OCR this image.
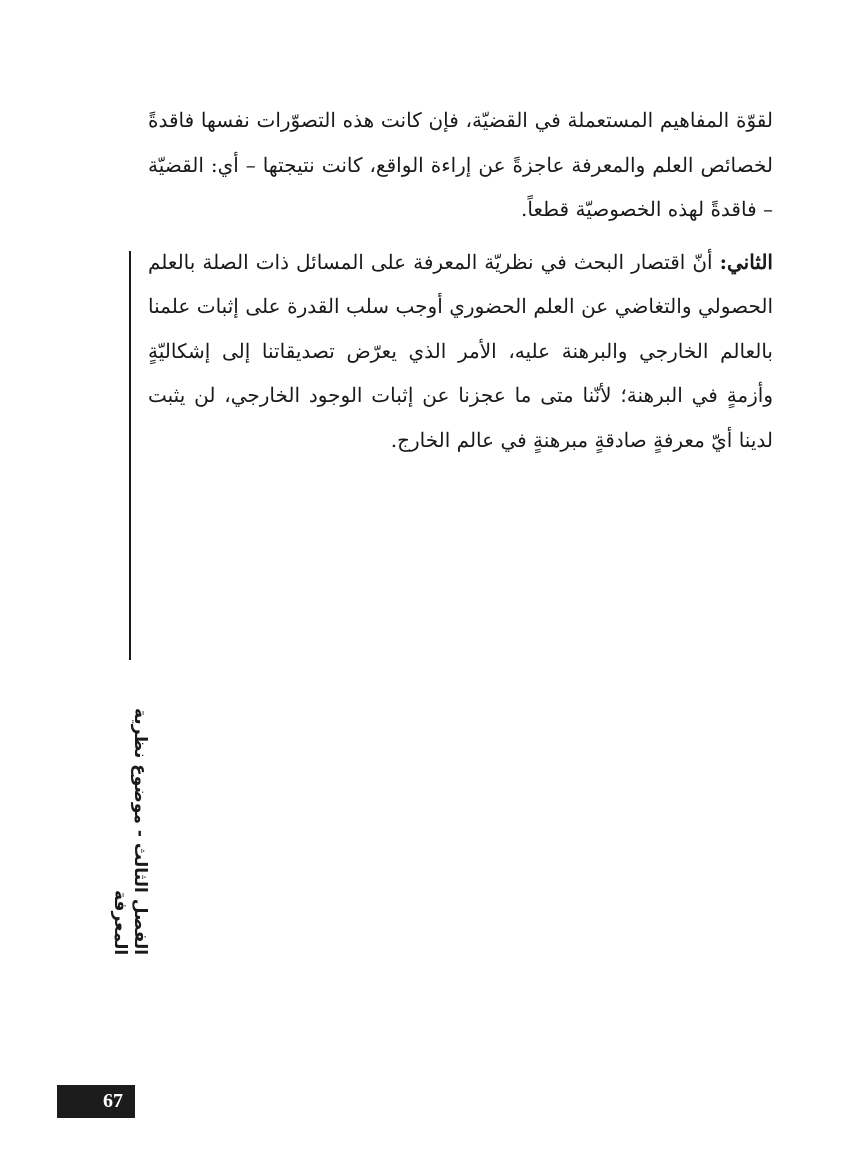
لقوّة المفاهيم المستعملة في القضيّة، فإن كانت هذه التصوّرات نفسها فاقدةً لخصائص العلم والمعرفة عاجزةً عن إراءة الواقع، كانت نتيجتها – أي: القضيّة – فاقدةً لهذه الخصوصيّة قطعاً.

الثاني: أنّ اقتصار البحث في نظريّة المعرفة على المسائل ذات الصلة بالعلم الحصولي والتغاضي عن العلم الحضوري أوجب سلب القدرة على إثبات علمنا بالعالم الخارجي والبرهنة عليه، الأمر الذي يعرّض تصديقاتنا إلى إشكاليّةٍ وأزمةٍ في البرهنة؛ لأنّنا متى ما عجزنا عن إثبات الوجود الخارجي، لن يثبت لدينا أيّ معرفةٍ صادقةٍ مبرهنةٍ في عالم الخارج.

الفصل الثالث - موضوع نظرية المعرفة
67
